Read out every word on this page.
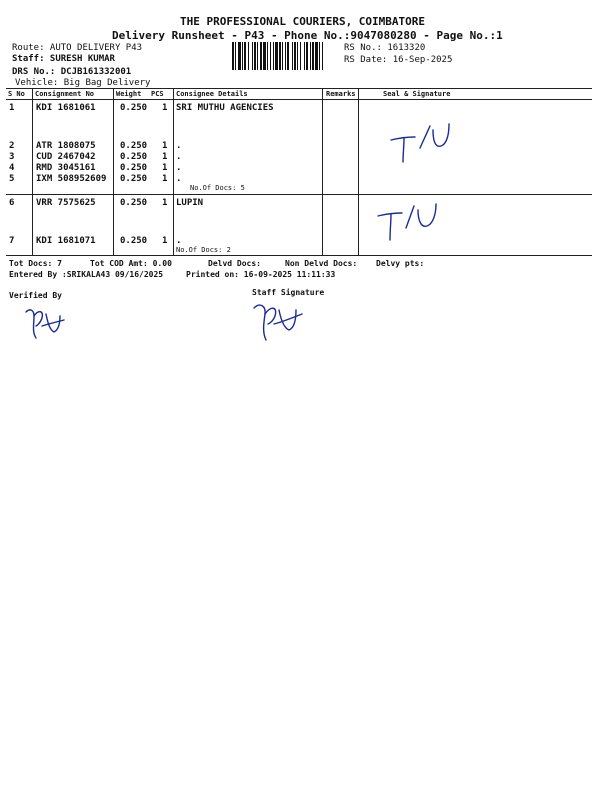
THE PROFESSIONAL COURIERS, COIMBATORE
Delivery Runsheet - P43 - Phone No.:9047080280 - Page No.:1
Route: AUTO DELIVERY P43
Staff: SURESH KUMAR
DRS No.: DCJB161332001
Vehicle: Big Bag Delivery
RS No.: 1613320
RS Date: 16-Sep-2025
S No Consignment No	Weight PCS Consignee Details	Remarks	Seal & Signature
1 KDI 1681061	0.250 1 SRI MUTHU AGENCIES
2 ATR 1808075	0.250 1 .
3 CUD 2467042	0.250 1 .
4 RMD 3045161	0.250 1 .
5 IXM 508952609 0.250 1 .
No.Of Docs: 5
6 VRR 7575625	0.250 1 LUPIN
7 KDI 1681071	0.250 1 .
No.Of Docs: 2
Tot Docs: 7	Tot COD Amt: 0.00	Delvd Docs:	Non Delvd Docs: Delvy pts:
Entered By :SRIKALA43 09/16/2025	Printed on: 16-09-2025 11:11:33
Verified By	Staff Signature
